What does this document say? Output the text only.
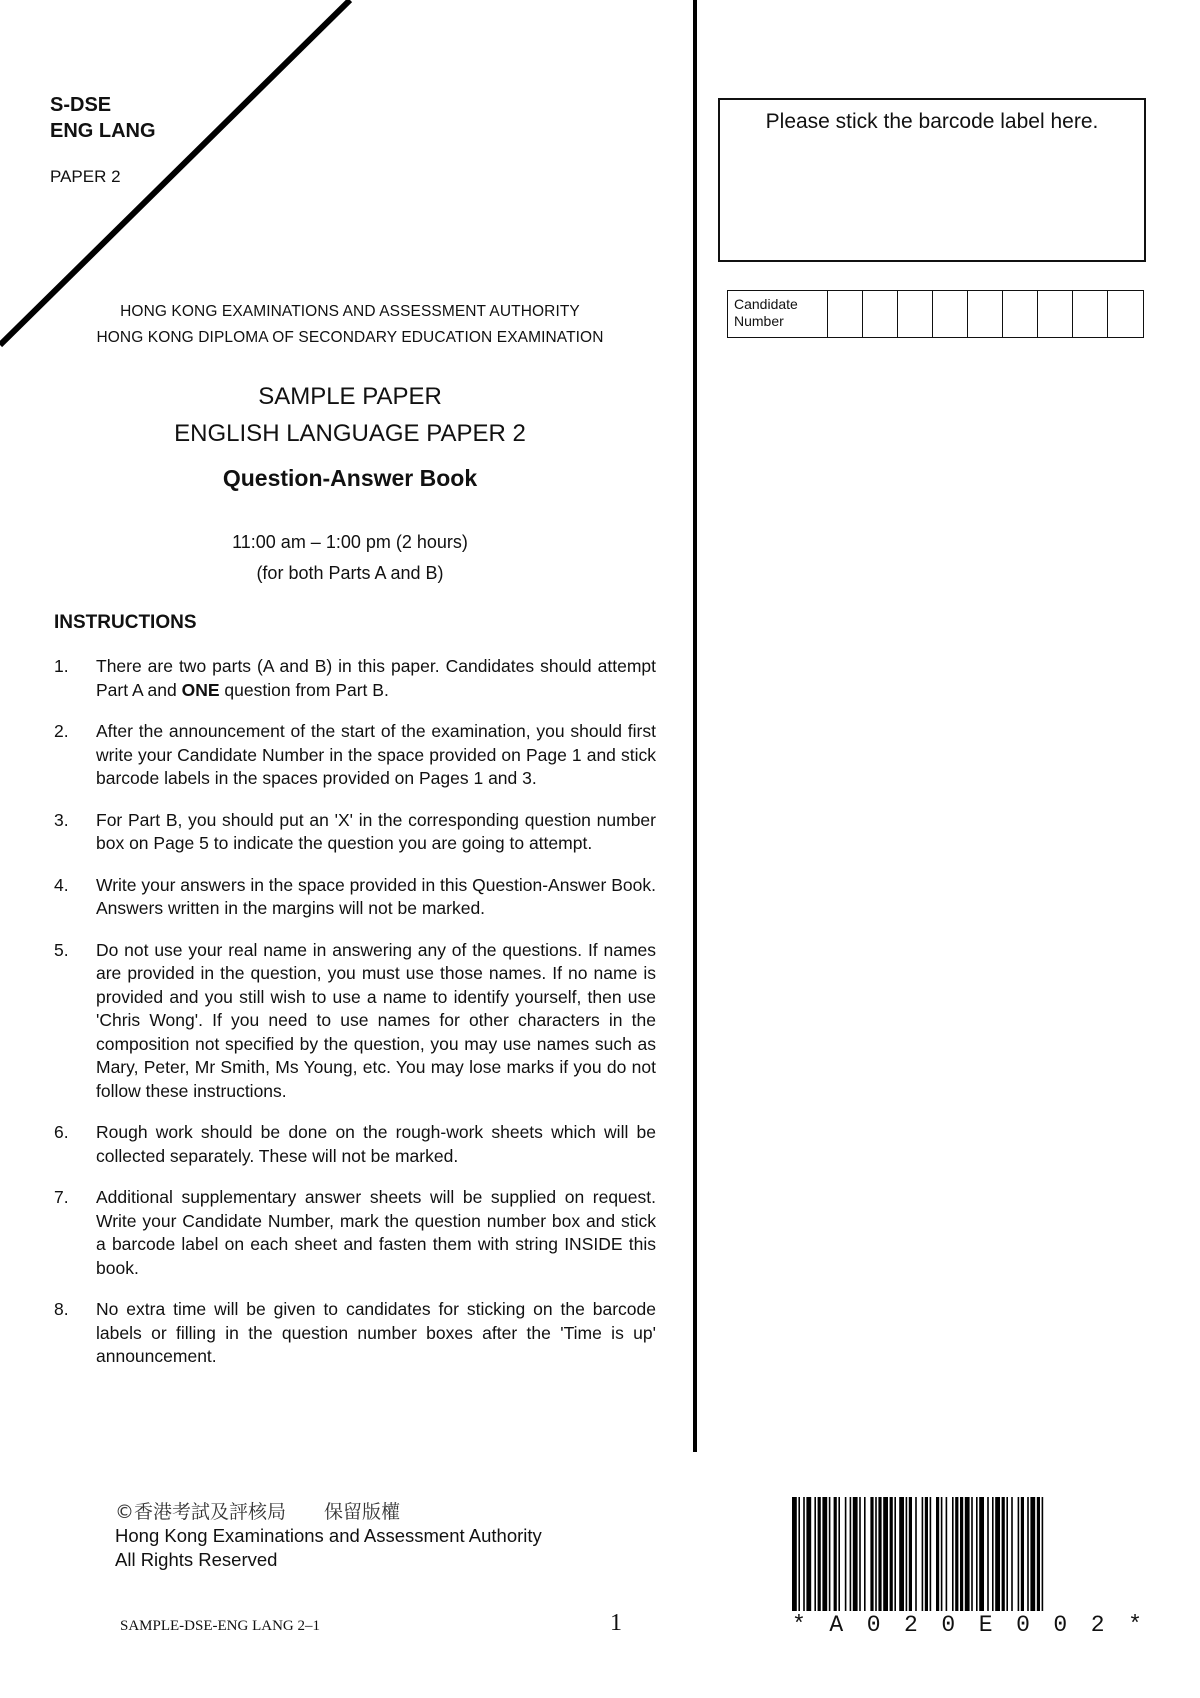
S-DSE
ENG LANG
PAPER 2
HONG KONG EXAMINATIONS AND ASSESSMENT AUTHORITY
HONG KONG DIPLOMA OF SECONDARY EDUCATION EXAMINATION
SAMPLE PAPER
ENGLISH LANGUAGE PAPER 2
Question-Answer Book
11:00 am – 1:00 pm (2 hours)
(for both Parts A and B)
INSTRUCTIONS
1.	There are two parts (A and B) in this paper. Candidates should attempt Part A and ONE question from Part B.
2.	After the announcement of the start of the examination, you should first write your Candidate Number in the space provided on Page 1 and stick barcode labels in the spaces provided on Pages 1 and 3.
3.	For Part B, you should put an 'X' in the corresponding question number box on Page 5 to indicate the question you are going to attempt.
4.	Write your answers in the space provided in this Question-Answer Book. Answers written in the margins will not be marked.
5.	Do not use your real name in answering any of the questions. If names are provided in the question, you must use those names. If no name is provided and you still wish to use a name to identify yourself, then use 'Chris Wong'. If you need to use names for other characters in the composition not specified by the question, you may use names such as Mary, Peter, Mr Smith, Ms Young, etc. You may lose marks if you do not follow these instructions.
6.	Rough work should be done on the rough-work sheets which will be collected separately. These will not be marked.
7.	Additional supplementary answer sheets will be supplied on request. Write your Candidate Number, mark the question number box and stick a barcode label on each sheet and fasten them with string INSIDE this book.
8.	No extra time will be given to candidates for sticking on the barcode labels or filling in the question number boxes after the 'Time is up' announcement.
Please stick the barcode label here.
Candidate
Number
©香港考試及評核局　　保留版權
Hong Kong Examinations and Assessment Authority
All Rights Reserved
SAMPLE-DSE-ENG LANG 2–1	1	* A 0 2 0 E 0 0 2 *
